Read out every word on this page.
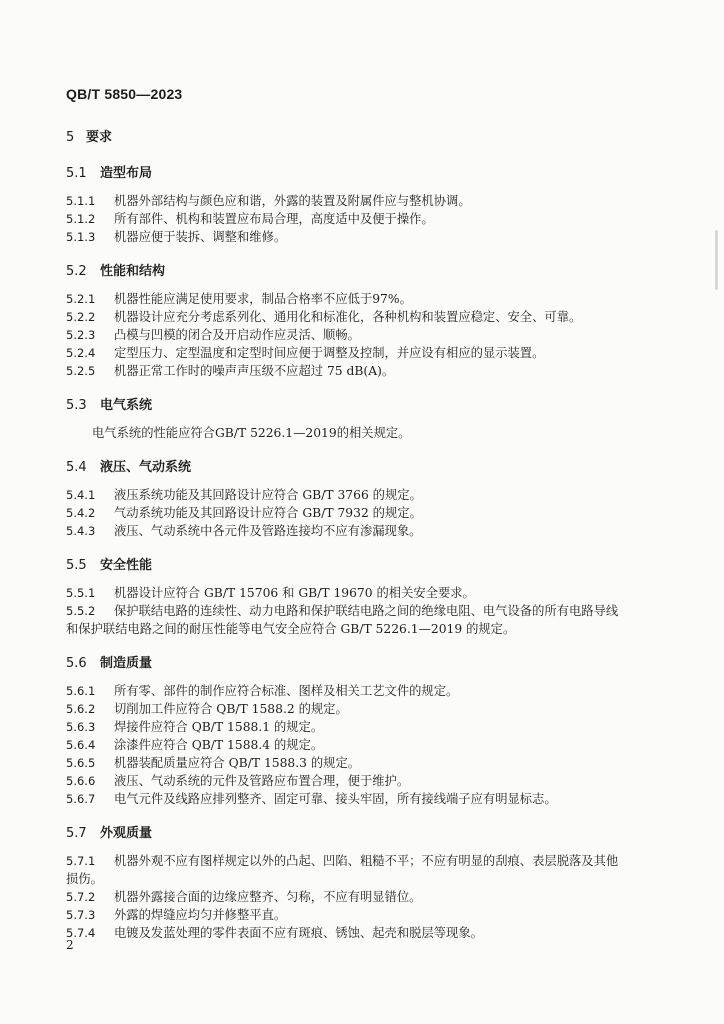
QB/T 5850—2023
5 要求
5.1 造型布局
5.1.1 机器外部结构与颜色应和谐，外露的装置及附属件应与整机协调。
5.1.2 所有部件、机构和装置应布局合理，高度适中及便于操作。
5.1.3 机器应便于装拆、调整和维修。
5.2 性能和结构
5.2.1 机器性能应满足使用要求，制品合格率不应低于97%。
5.2.2 机器设计应充分考虑系列化、通用化和标准化，各种机构和装置应稳定、安全、可靠。
5.2.3 凸模与凹模的闭合及开启动作应灵活、顺畅。
5.2.4 定型压力、定型温度和定型时间应便于调整及控制，并应设有相应的显示装置。
5.2.5 机器正常工作时的噪声声压级不应超过 75 dB(A)。
5.3 电气系统
电气系统的性能应符合GB/T 5226.1—2019的相关规定。
5.4 液压、气动系统
5.4.1 液压系统功能及其回路设计应符合 GB/T 3766 的规定。
5.4.2 气动系统功能及其回路设计应符合 GB/T 7932 的规定。
5.4.3 液压、气动系统中各元件及管路连接均不应有渗漏现象。
5.5 安全性能
5.5.1 机器设计应符合 GB/T 15706 和 GB/T 19670 的相关安全要求。
5.5.2 保护联结电路的连续性、动力电路和保护联结电路之间的绝缘电阻、电气设备的所有电路导线
和保护联结电路之间的耐压性能等电气安全应符合 GB/T 5226.1—2019 的规定。
5.6 制造质量
5.6.1 所有零、部件的制作应符合标准、图样及相关工艺文件的规定。
5.6.2 切削加工件应符合 QB/T 1588.2 的规定。
5.6.3 焊接件应符合 QB/T 1588.1 的规定。
5.6.4 涂漆件应符合 QB/T 1588.4 的规定。
5.6.5 机器装配质量应符合 QB/T 1588.3 的规定。
5.6.6 液压、气动系统的元件及管路应布置合理，便于维护。
5.6.7 电气元件及线路应排列整齐、固定可靠、接头牢固，所有接线端子应有明显标志。
5.7 外观质量
5.7.1 机器外观不应有图样规定以外的凸起、凹陷、粗糙不平；不应有明显的刮痕、表层脱落及其他
损伤。
5.7.2 机器外露接合面的边缘应整齐、匀称，不应有明显错位。
5.7.3 外露的焊缝应均匀并修整平直。
5.7.4 电镀及发蓝处理的零件表面不应有斑痕、锈蚀、起壳和脱层等现象。
2
